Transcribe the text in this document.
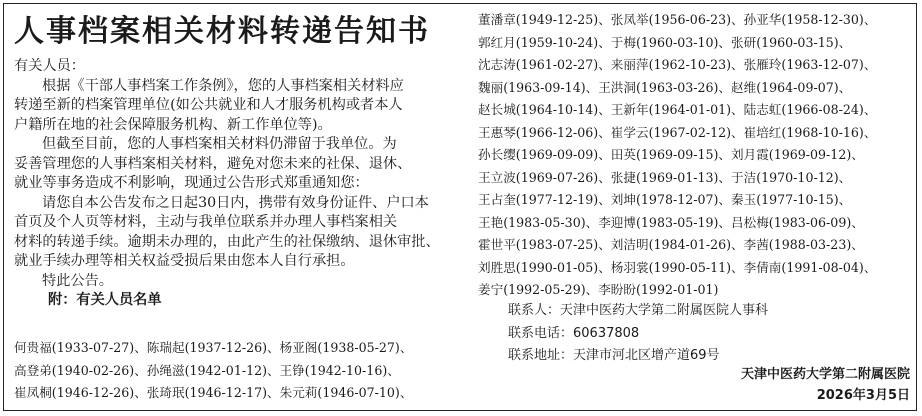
人事档案相关材料转递告知书
有关人员：
根据《干部人事档案工作条例》，您的人事档案相关材料应
转递至新的档案管理单位(如公共就业和人才服务机构或者本人
户籍所在地的社会保障服务机构、新工作单位等)。
但截至目前，您的人事档案相关材料仍滞留于我单位。为
妥善管理您的人事档案相关材料，避免对您未来的社保、退休、
就业等事务造成不利影响，现通过公告形式郑重通知您：
请您自本公告发布之日起30日内，携带有效身份证件、户口本
首页及个人页等材料，主动与我单位联系并办理人事档案相关
材料的转递手续。逾期未办理的，由此产生的社保缴纳、退休审批、
就业手续办理等相关权益受损后果由您本人自行承担。
特此公告。
附：有关人员名单
何贵福(1933-07-27)、陈瑞起(1937-12-26)、杨亚阁(1938-05-27)、
高登弟(1940-02-26)、孙绳滋(1942-01-12)、王铮(1942-10-16)、
崔凤桐(1946-12-26)、张琦珉(1946-12-17)、朱元莉(1946-07-10)、
董潘章(1949-12-25)、张凤举(1956-06-23)、孙亚华(1958-12-30)、
郭红月(1959-10-24)、于梅(1960-03-10)、张研(1960-03-15)、
沈志涛(1961-02-27)、来丽萍(1962-10-23)、张雁玲(1963-12-07)、
魏丽(1963-09-14)、王洪洞(1963-03-26)、赵维(1964-09-07)、
赵长城(1964-10-14)、王新年(1964-01-01)、陆志虹(1966-08-24)、
王惠琴(1966-12-06)、崔学云(1967-02-12)、崔培红(1968-10-16)、
孙长缨(1969-09-09)、田英(1969-09-15)、刘月霞(1969-09-12)、
王立波(1969-07-26)、张捷(1969-01-13)、于洁(1970-10-12)、
王占奎(1977-12-19)、刘坤(1978-12-07)、秦玉(1977-10-15)、
王艳(1983-05-30)、李迎博(1983-05-19)、吕松梅(1983-06-09)、
霍世平(1983-07-25)、刘洁明(1984-01-26)、李茜(1988-03-23)、
刘胜思(1990-01-05)、杨羽裳(1990-05-11)、李倩南(1991-08-04)、
姜宁(1992-05-29)、李盼盼(1992-01-01)
联系人：天津中医药大学第二附属医院人事科
联系电话：60637808
联系地址：天津市河北区增产道69号
天津中医药大学第二附属医院
2026年3月5日
